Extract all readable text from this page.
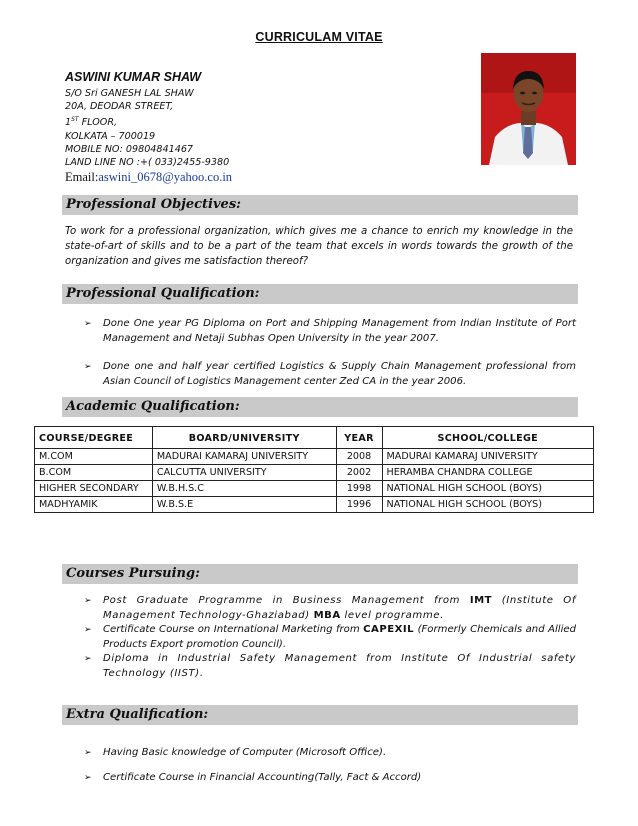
CURRICULAM VITAE
ASWINI KUMAR SHAW
S/O Sri GANESH LAL SHAW
20A, DEODAR STREET,
1ST FLOOR,
KOLKATA – 700019
MOBILE NO: 09804841467
LAND LINE NO :+( 033)2455-9380
Email:aswini_0678@yahoo.co.in
Professional Objectives:
To work for a professional organization, which gives me a chance to enrich my knowledge in the state-of-art of skills and to be a part of the team that excels in words towards the growth of the organization and gives me satisfaction thereof?
Professional Qualification:
➢ Done One year PG Diploma on Port and Shipping Management from Indian Institute of Port Management and Netaji Subhas Open University in the year 2007.
➢ Done one and half year certified Logistics & Supply Chain Management professional from Asian Council of Logistics Management center Zed CA in the year 2006.
Academic Qualification:
COURSE/DEGREE	BOARD/UNIVERSITY	YEAR	SCHOOL/COLLEGE
M.COM	MADURAI KAMARAJ UNIVERSITY	2008	MADURAI KAMARAJ UNIVERSITY
B.COM	CALCUTTA UNIVERSITY	2002	HERAMBA CHANDRA COLLEGE
HIGHER SECONDARY	W.B.H.S.C	1998	NATIONAL HIGH SCHOOL (BOYS)
MADHYAMIK	W.B.S.E	1996	NATIONAL HIGH SCHOOL (BOYS)
Courses Pursuing:
➢ Post Graduate Programme in Business Management from IMT (Institute Of Management Technology-Ghaziabad) MBA level programme.
➢ Certificate Course on International Marketing from CAPEXIL (Formerly Chemicals and Allied Products Export promotion Council).
➢ Diploma in Industrial Safety Management from Institute Of Industrial safety Technology (IIST).
Extra Qualification:
➢ Having Basic knowledge of Computer (Microsoft Office).
➢ Certificate Course in Financial Accounting(Tally, Fact & Accord)
